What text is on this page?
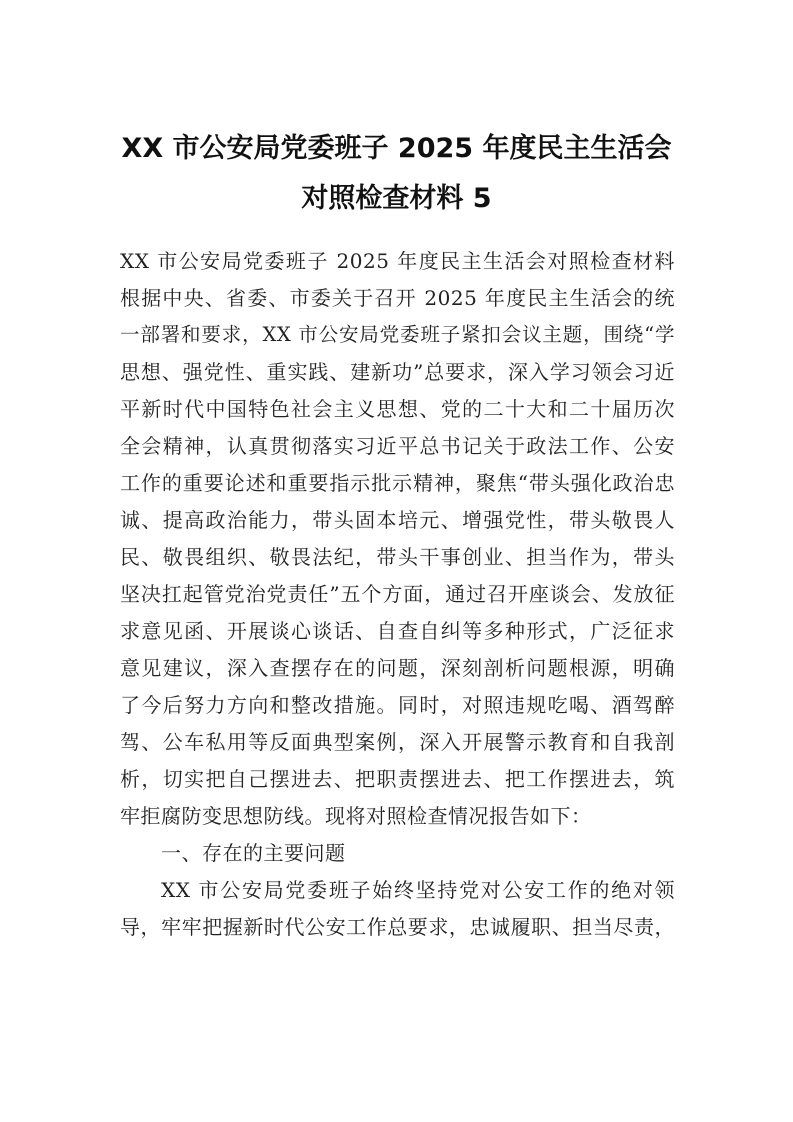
XX 市公安局党委班子 2025 年度民主生活会
对照检查材料 5
XX 市公安局党委班子 2025 年度民主生活会对照检查材料
根据中央、省委、市委关于召开 2025 年度民主生活会的统
一部署和要求，XX 市公安局党委班子紧扣会议主题，围绕“学
思想、强党性、重实践、建新功”总要求，深入学习领会习近
平新时代中国特色社会主义思想、党的二十大和二十届历次
全会精神，认真贯彻落实习近平总书记关于政法工作、公安
工作的重要论述和重要指示批示精神，聚焦“带头强化政治忠
诚、提高政治能力，带头固本培元、增强党性，带头敬畏人
民、敬畏组织、敬畏法纪，带头干事创业、担当作为，带头
坚决扛起管党治党责任”五个方面，通过召开座谈会、发放征
求意见函、开展谈心谈话、自查自纠等多种形式，广泛征求
意见建议，深入查摆存在的问题，深刻剖析问题根源，明确
了今后努力方向和整改措施。同时，对照违规吃喝、酒驾醉
驾、公车私用等反面典型案例，深入开展警示教育和自我剖
析，切实把自己摆进去、把职责摆进去、把工作摆进去，筑
牢拒腐防变思想防线。现将对照检查情况报告如下：
一、存在的主要问题
XX 市公安局党委班子始终坚持党对公安工作的绝对领
导，牢牢把握新时代公安工作总要求，忠诚履职、担当尽责，
